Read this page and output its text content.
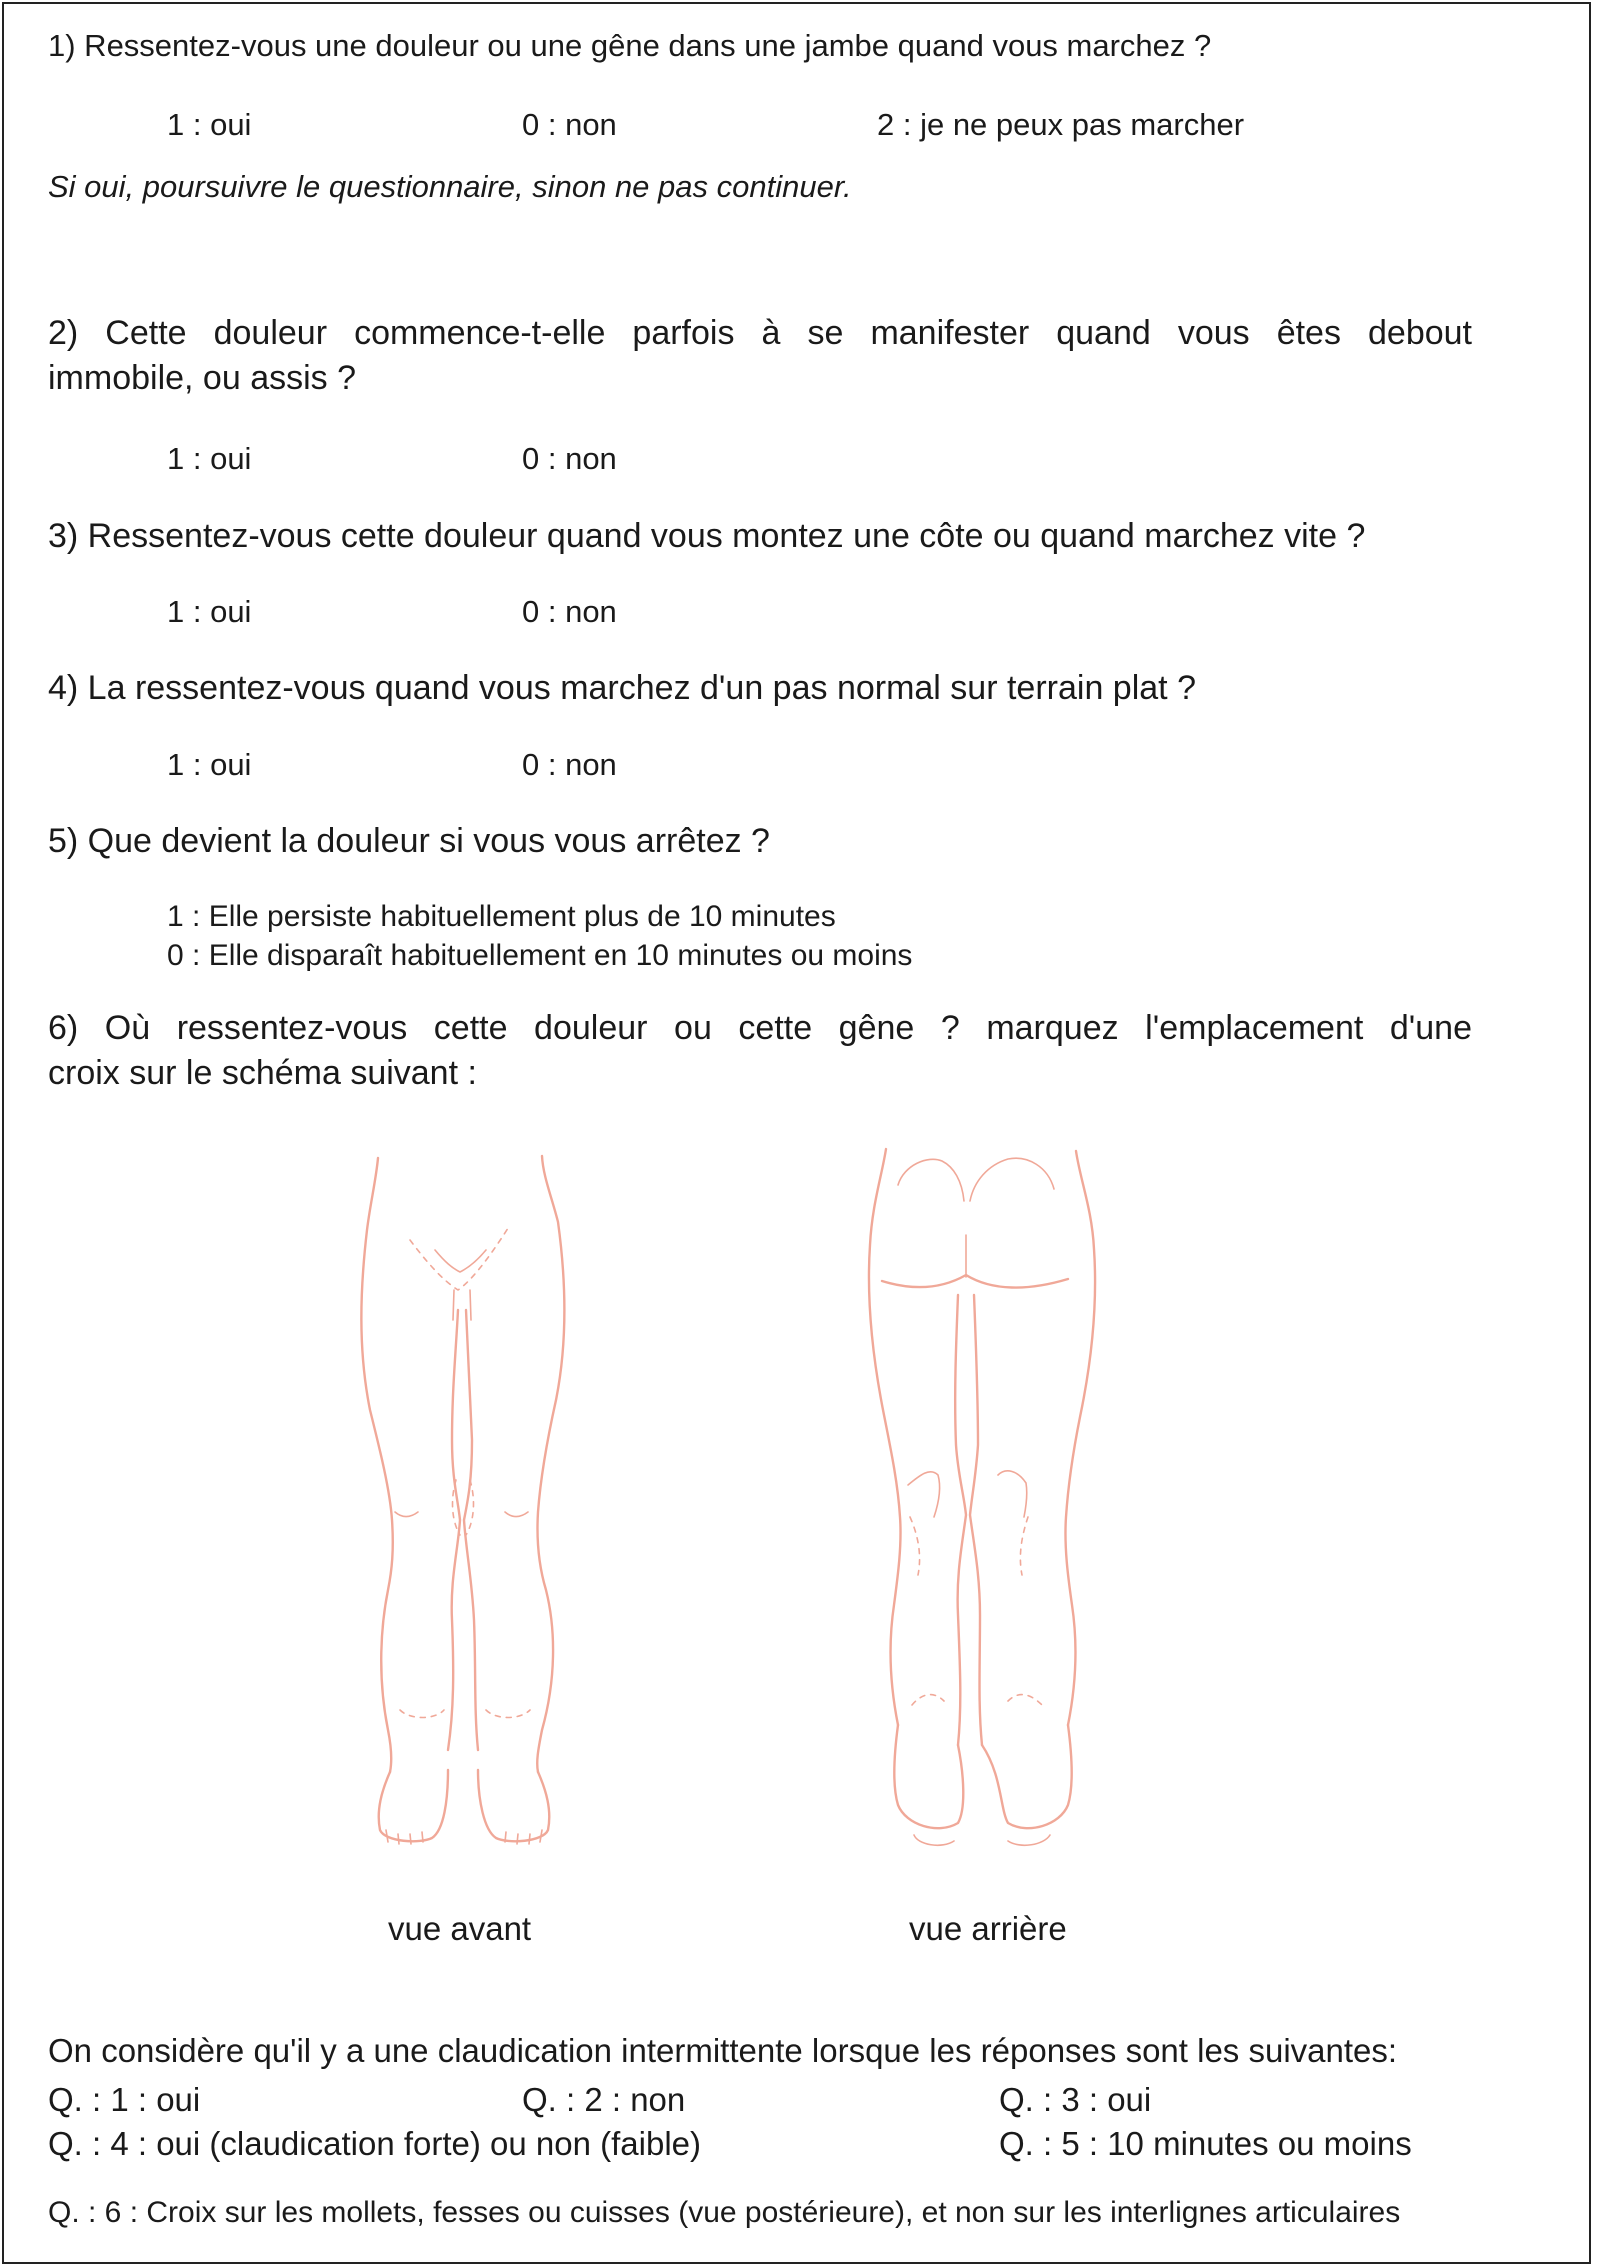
1) Ressentez-vous une douleur ou une gêne dans une jambe quand vous marchez ?
1 : oui	0 : non	2 : je ne peux pas marcher
Si oui, poursuivre le questionnaire, sinon ne pas continuer.
2) Cette douleur commence-t-elle parfois à se manifester quand vous êtes debout
immobile, ou assis ?
1 : oui	0 : non
3) Ressentez-vous cette douleur quand vous montez une côte ou quand marchez vite ?
1 : oui	0 : non
4) La ressentez-vous quand vous marchez d'un pas normal sur terrain plat ?
1 : oui	0 : non
5) Que devient la douleur si vous vous arrêtez ?
1 : Elle persiste habituellement plus de 10 minutes
0 : Elle disparaît habituellement en 10 minutes ou moins
6) Où ressentez-vous cette douleur ou cette gêne ? marquez l'emplacement d'une
croix sur le schéma suivant :
vue avant	vue arrière
On considère qu'il y a une claudication intermittente lorsque les réponses sont les suivantes:
Q. : 1 : oui	Q. : 2 : non	Q. : 3 : oui
Q. : 4 : oui (claudication forte) ou non (faible)	Q. : 5 : 10 minutes ou moins
Q. : 6 : Croix sur les mollets, fesses ou cuisses (vue postérieure), et non sur les interlignes articulaires
